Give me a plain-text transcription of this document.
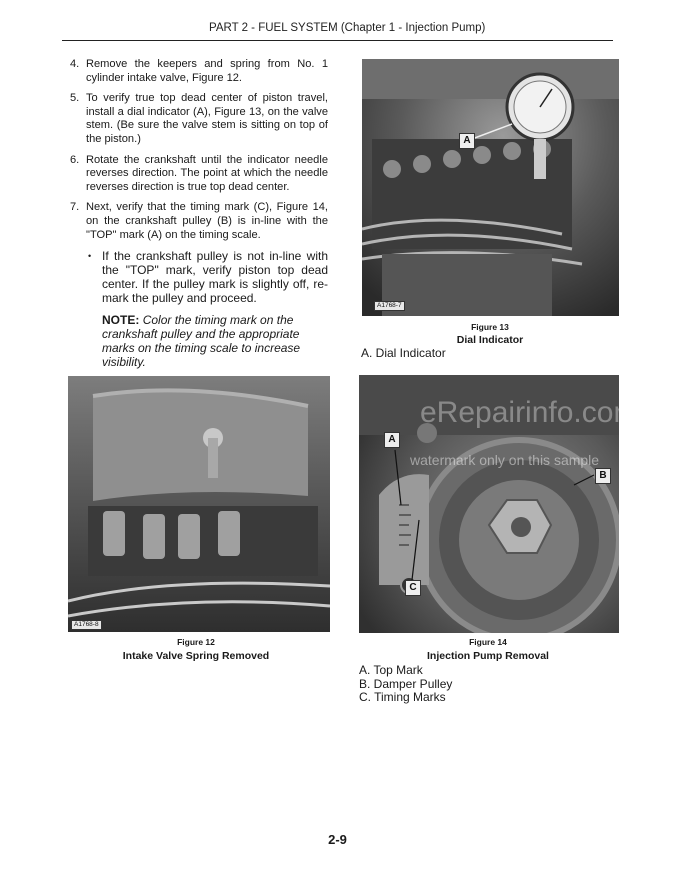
PART 2 - FUEL SYSTEM (Chapter 1 - Injection Pump)
4. Remove the keepers and spring from No. 1 cylinder intake valve, Figure 12.
5. To verify true top dead center of piston travel, install a dial indicator (A), Figure 13, on the valve stem. (Be sure the valve stem is sitting on top of the piston.)
6. Rotate the crankshaft until the indicator needle reverses direction. The point at which the needle reverses direction is true top dead center.
7. Next, verify that the timing mark (C), Figure 14, on the crankshaft pulley (B) is in-line with the "TOP" mark (A) on the timing scale.
• If the crankshaft pulley is not in-line with the "TOP" mark, verify piston top dead center. If the pulley mark is slightly off, re-mark the pulley and proceed.
NOTE: Color the timing mark on the crankshaft pulley and the appropriate marks on the timing scale to increase visibility.
A
A1768-7
Figure 13
Dial Indicator
A. Dial Indicator
A1768-8
Figure 12
Intake Valve Spring Removed
A
B
C
Figure 14
Injection Pump Removal
A. Top Mark
B. Damper Pulley
C. Timing Marks
eRepairinfo.com
watermark only on this sample
2-9
